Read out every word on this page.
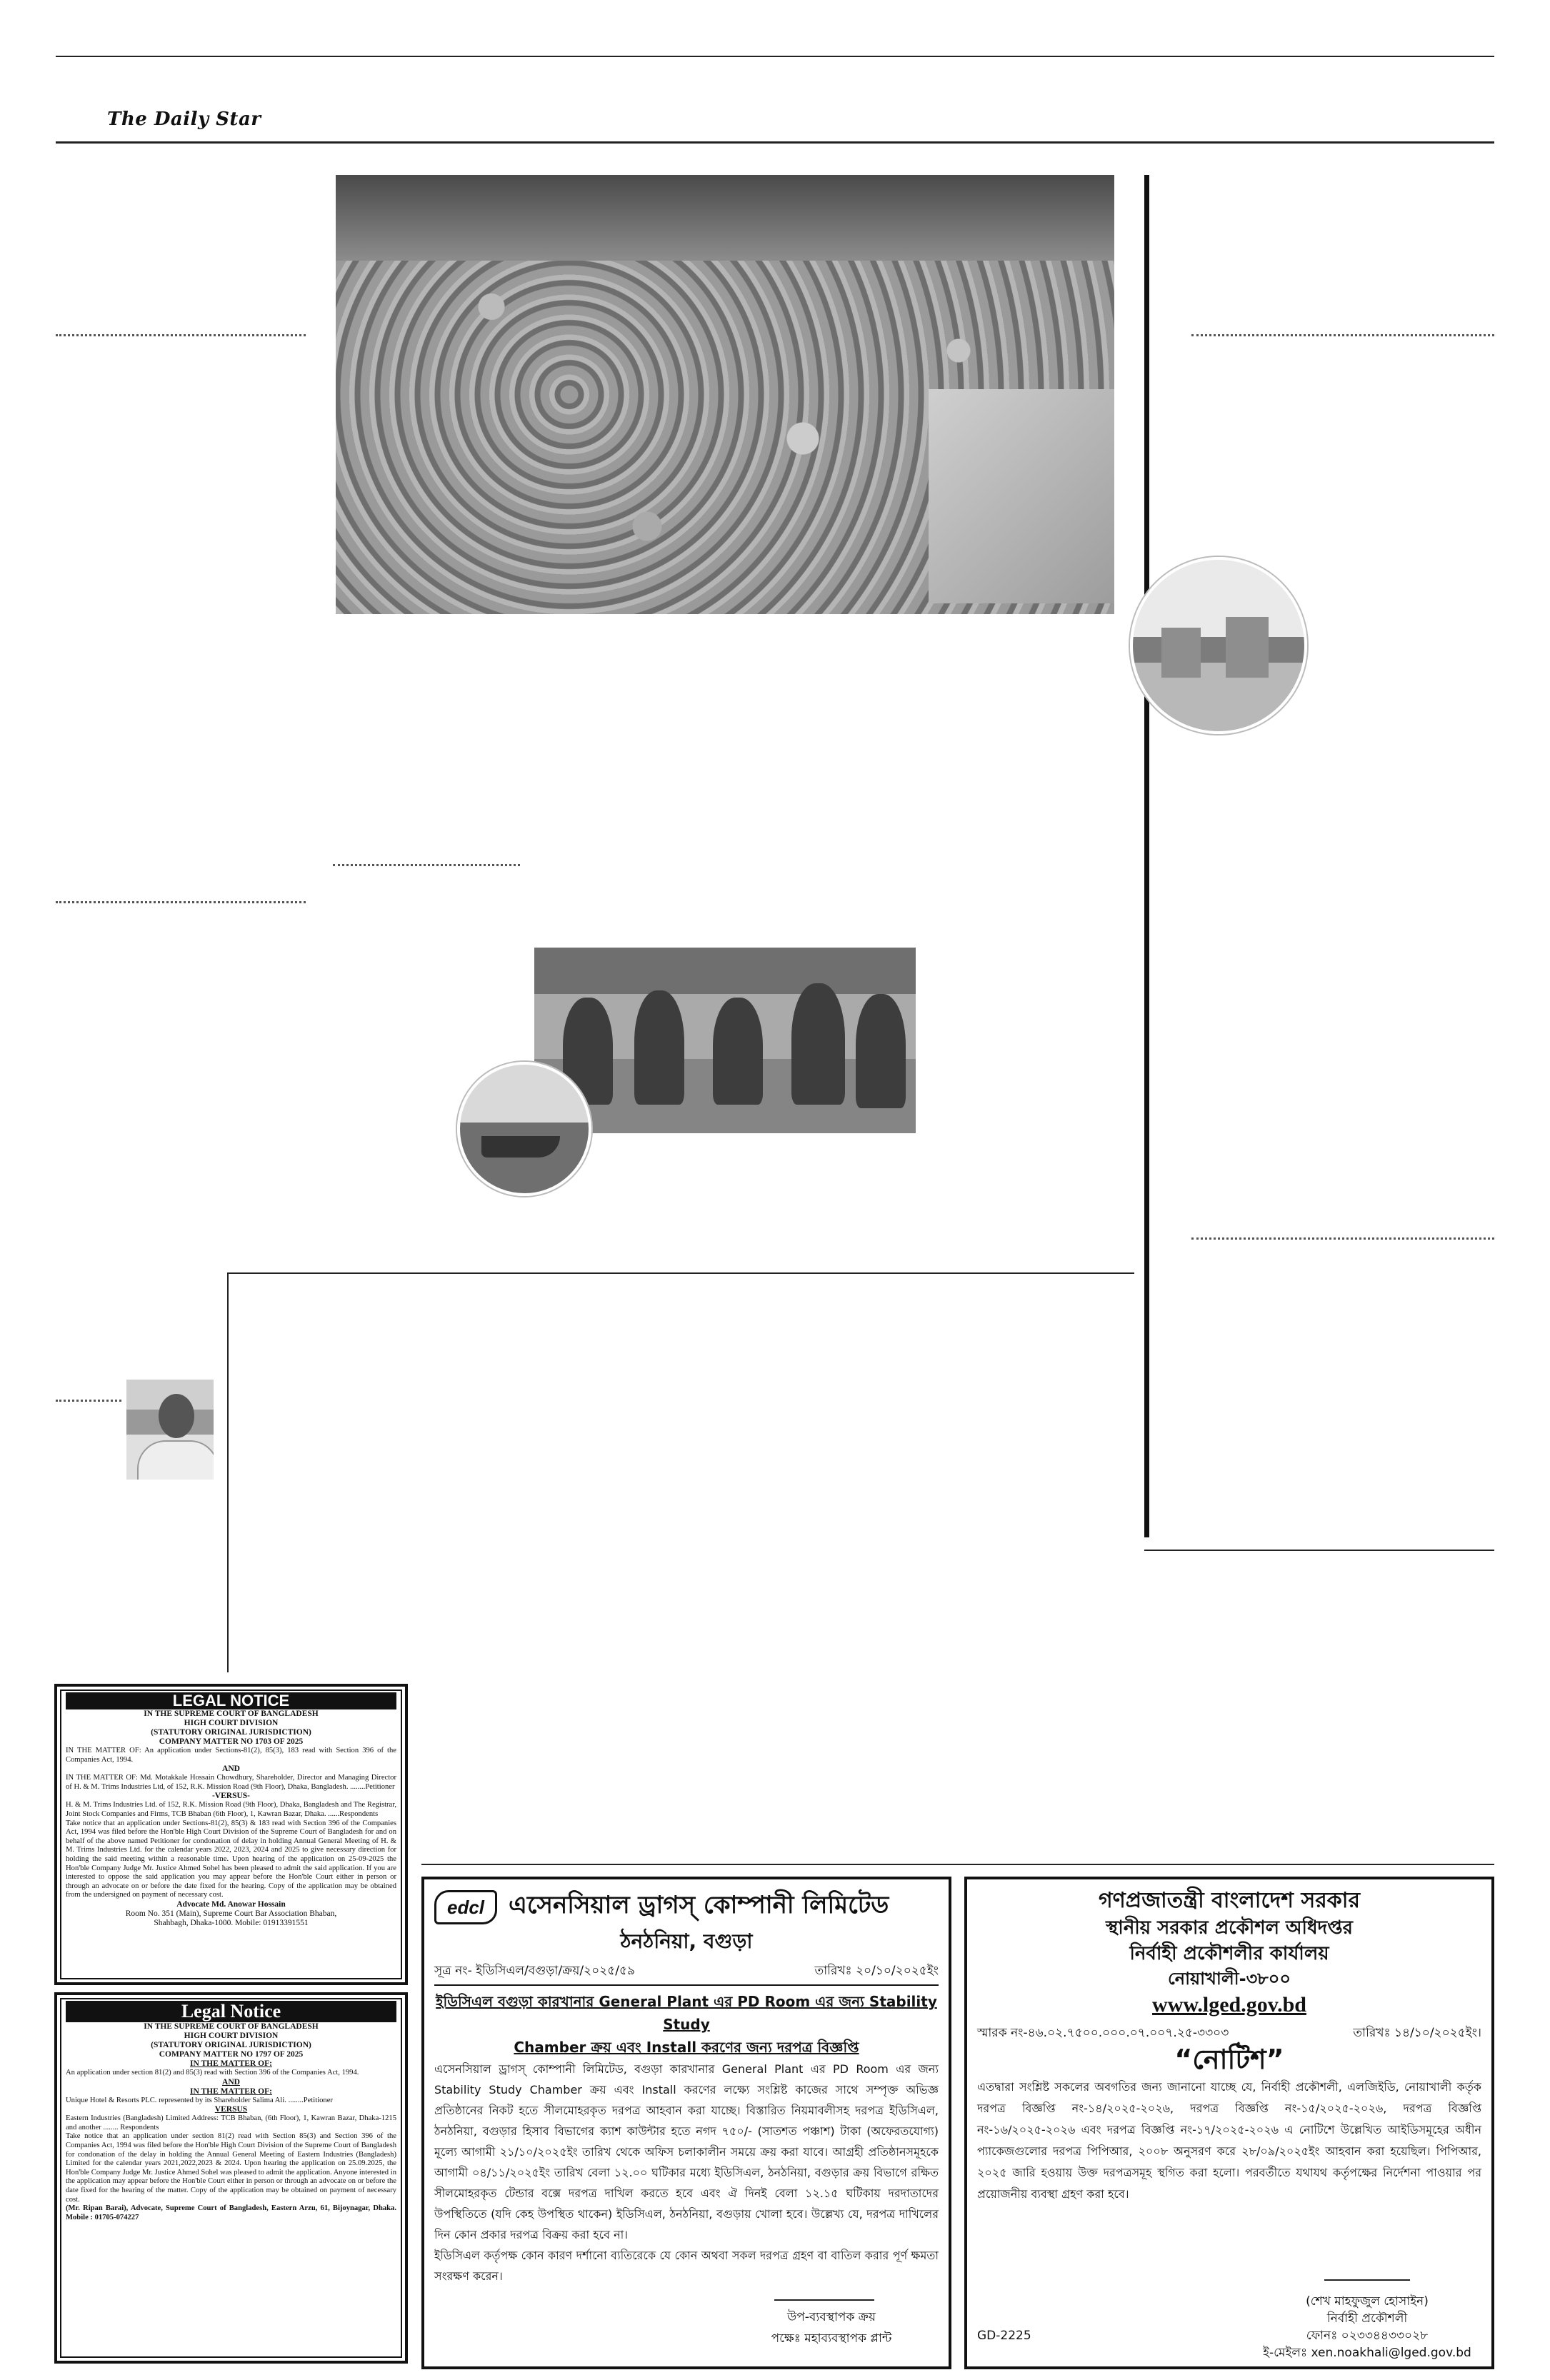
The Daily Star
LEGAL NOTICE
IN THE SUPREME COURT OF BANGLADESH
HIGH COURT DIVISION
(STATUTORY ORIGINAL JURISDICTION)
COMPANY MATTER NO 1703 OF 2025
IN THE MATTER OF: An application under Sections-81(2), 85(3), 183 read with Section 396 of the Companies Act, 1994.
AND
IN THE MATTER OF: Md. Motakkale Hossain Chowdhury, Shareholder, Director and Managing Director of H. & M. Trims Industries Ltd, of 152, R.K. Mission Road (9th Floor), Dhaka, Bangladesh. ........Petitioner
-VERSUS-
H. & M. Trims Industries Ltd. of 152, R.K. Mission Road (9th Floor), Dhaka, Bangladesh and The Registrar, Joint Stock Companies and Firms, TCB Bhaban (6th Floor), 1, Kawran Bazar, Dhaka. ......Respondents
Take notice that an application under Sections-81(2), 85(3) & 183 read with Section 396 of the Companies Act, 1994 was filed before the Hon'ble High Court Division of the Supreme Court of Bangladesh for and on behalf of the above named Petitioner for condonation of delay in holding Annual General Meeting of H. & M. Trims Industries Ltd. for the calendar years 2022, 2023, 2024 and 2025 to give necessary direction for holding the said meeting within a reasonable time. Upon hearing of the application on 25-09-2025 the Hon'ble Company Judge Mr. Justice Ahmed Sohel has been pleased to admit the said application. If you are interested to oppose the said application you may appear before the Hon'ble Court either in person or through an advocate on or before the date fixed for the hearing. Copy of the application may be obtained from the undersigned on payment of necessary cost.
Advocate Md. Anowar Hossain
Room No. 351 (Main), Supreme Court Bar Association Bhaban,
Shahbagh, Dhaka-1000. Mobile: 01913391551
Legal Notice
IN THE SUPREME COURT OF BANGLADESH
HIGH COURT DIVISION
(STATUTORY ORIGINAL JURISDICTION)
COMPANY MATTER NO 1797 OF 2025
IN THE MATTER OF:
An application under section 81(2) and 85(3) read with Section 396 of the Companies Act, 1994.
AND
IN THE MATTER OF:
Unique Hotel & Resorts PLC. represented by its Shareholder Salima Ali. ........Petitioner
VERSUS
Eastern Industries (Bangladesh) Limited Address: TCB Bhaban, (6th Floor), 1, Kawran Bazar, Dhaka-1215 and another ........ Respondents
Take notice that an application under section 81(2) read with Section 85(3) and Section 396 of the Companies Act, 1994 was filed before the Hon'ble High Court Division of the Supreme Court of Bangladesh for condonation of the delay in holding the Annual General Meeting of Eastern Industries (Bangladesh) Limited for the calendar years 2021,2022,2023 & 2024. Upon hearing the application on 25.09.2025, the Hon'ble Company Judge Mr. Justice Ahmed Sohel was pleased to admit the application. Anyone interested in the application may appear before the Hon'ble Court either in person or through an advocate on or before the date fixed for the hearing of the matter. Copy of the application may be obtained on payment of necessary cost.
(Mr. Ripan Barai), Advocate, Supreme Court of Bangladesh, Eastern Arzu, 61, Bijoynagar, Dhaka. Mobile : 01705-074227
edcl এসেনসিয়াল ড্রাগস্ কোম্পানী লিমিটেড
ঠনঠনিয়া, বগুড়া
সূত্র নং- ইডিসিএল/বগুড়া/ক্রয়/২০২৫/৫৯	তারিখঃ ২০/১০/২০২৫ইং
ইডিসিএল বগুড়া কারখানার General Plant এর PD Room এর জন্য Stability Study
Chamber ক্রয় এবং Install করণের জন্য দরপত্র বিজ্ঞপ্তি
এসেনসিয়াল ড্রাগস্ কোম্পানী লিমিটেড, বগুড়া কারখানার General Plant এর PD Room এর জন্য Stability Study Chamber ক্রয় এবং Install করণের লক্ষ্যে সংশ্লিষ্ট কাজের সাথে সম্পৃক্ত অভিজ্ঞ প্রতিষ্ঠানের নিকট হতে সীলমোহরকৃত দরপত্র আহবান করা যাচ্ছে। বিস্তারিত নিয়মাবলীসহ দরপত্র ইডিসিএল, ঠনঠনিয়া, বগুড়ার হিসাব বিভাগের ক্যাশ কাউন্টার হতে নগদ ৭৫০/- (সাতশত পঞ্চাশ) টাকা (অফেরতযোগ্য) মূল্যে আগামী ২১/১০/২০২৫ইং তারিখ থেকে অফিস চলাকালীন সময়ে ক্রয় করা যাবে। আগ্রহী প্রতিষ্ঠানসমূহকে আগামী ০৪/১১/২০২৫ইং তারিখ বেলা ১২.০০ ঘটিকার মধ্যে ইডিসিএল, ঠনঠনিয়া, বগুড়ার ক্রয় বিভাগে রক্ষিত সীলমোহরকৃত টেন্ডার বক্সে দরপত্র দাখিল করতে হবে এবং ঐ দিনই বেলা ১২.১৫ ঘটিকায় দরদাতাদের উপস্থিতিতে (যদি কেহ উপস্থিত থাকেন) ইডিসিএল, ঠনঠনিয়া, বগুড়ায় খোলা হবে। উল্লেখ্য যে, দরপত্র দাখিলের দিন কোন প্রকার দরপত্র বিক্রয় করা হবে না।
ইডিসিএল কর্তৃপক্ষ কোন কারণ দর্শানো ব্যতিরেকে যে কোন অথবা সকল দরপত্র গ্রহণ বা বাতিল করার পূর্ণ ক্ষমতা সংরক্ষণ করেন।
উপ-ব্যবস্থাপক ক্রয়
পক্ষেঃ মহাব্যবস্থাপক প্লান্ট
গণপ্রজাতন্ত্রী বাংলাদেশ সরকার
স্থানীয় সরকার প্রকৌশল অধিদপ্তর
নির্বাহী প্রকৌশলীর কার্যালয়
নোয়াখালী-৩৮০০
www.lged.gov.bd
স্মারক নং-৪৬.০২.৭৫০০.০০০.০৭.০০৭.২৫-৩৩০৩	তারিখঃ ১৪/১০/২০২৫ইং।
“নোটিশ”
এতদ্বারা সংশ্লিষ্ট সকলের অবগতির জন্য জানানো যাচ্ছে যে, নির্বাহী প্রকৌশলী, এলজিইডি, নোয়াখালী কর্তৃক দরপত্র বিজ্ঞপ্তি নং-১৪/২০২৫-২০২৬, দরপত্র বিজ্ঞপ্তি নং-১৫/২০২৫-২০২৬, দরপত্র বিজ্ঞপ্তি নং-১৬/২০২৫-২০২৬ এবং দরপত্র বিজ্ঞপ্তি নং-১৭/২০২৫-২০২৬ এ নোটিশে উল্লেখিত আইডিসমূহের অধীন প্যাকেজগুলোর দরপত্র পিপিআর, ২০০৮ অনুসরণ করে ২৮/০৯/২০২৫ইং আহবান করা হয়েছিল। পিপিআর, ২০২৫ জারি হওয়ায় উক্ত দরপত্রসমূহ স্থগিত করা হলো। পরবর্তীতে যথাযথ কর্তৃপক্ষের নির্দেশনা পাওয়ার পর প্রয়োজনীয় ব্যবস্থা গ্রহণ করা হবে।
(শেখ মাহফুজুল হোসাইন)
নির্বাহী প্রকৌশলী
ফোনঃ ০২৩৩৪৪৩৩০২৮
GD-2225
ই-মেইলঃ xen.noakhali@lged.gov.bd
